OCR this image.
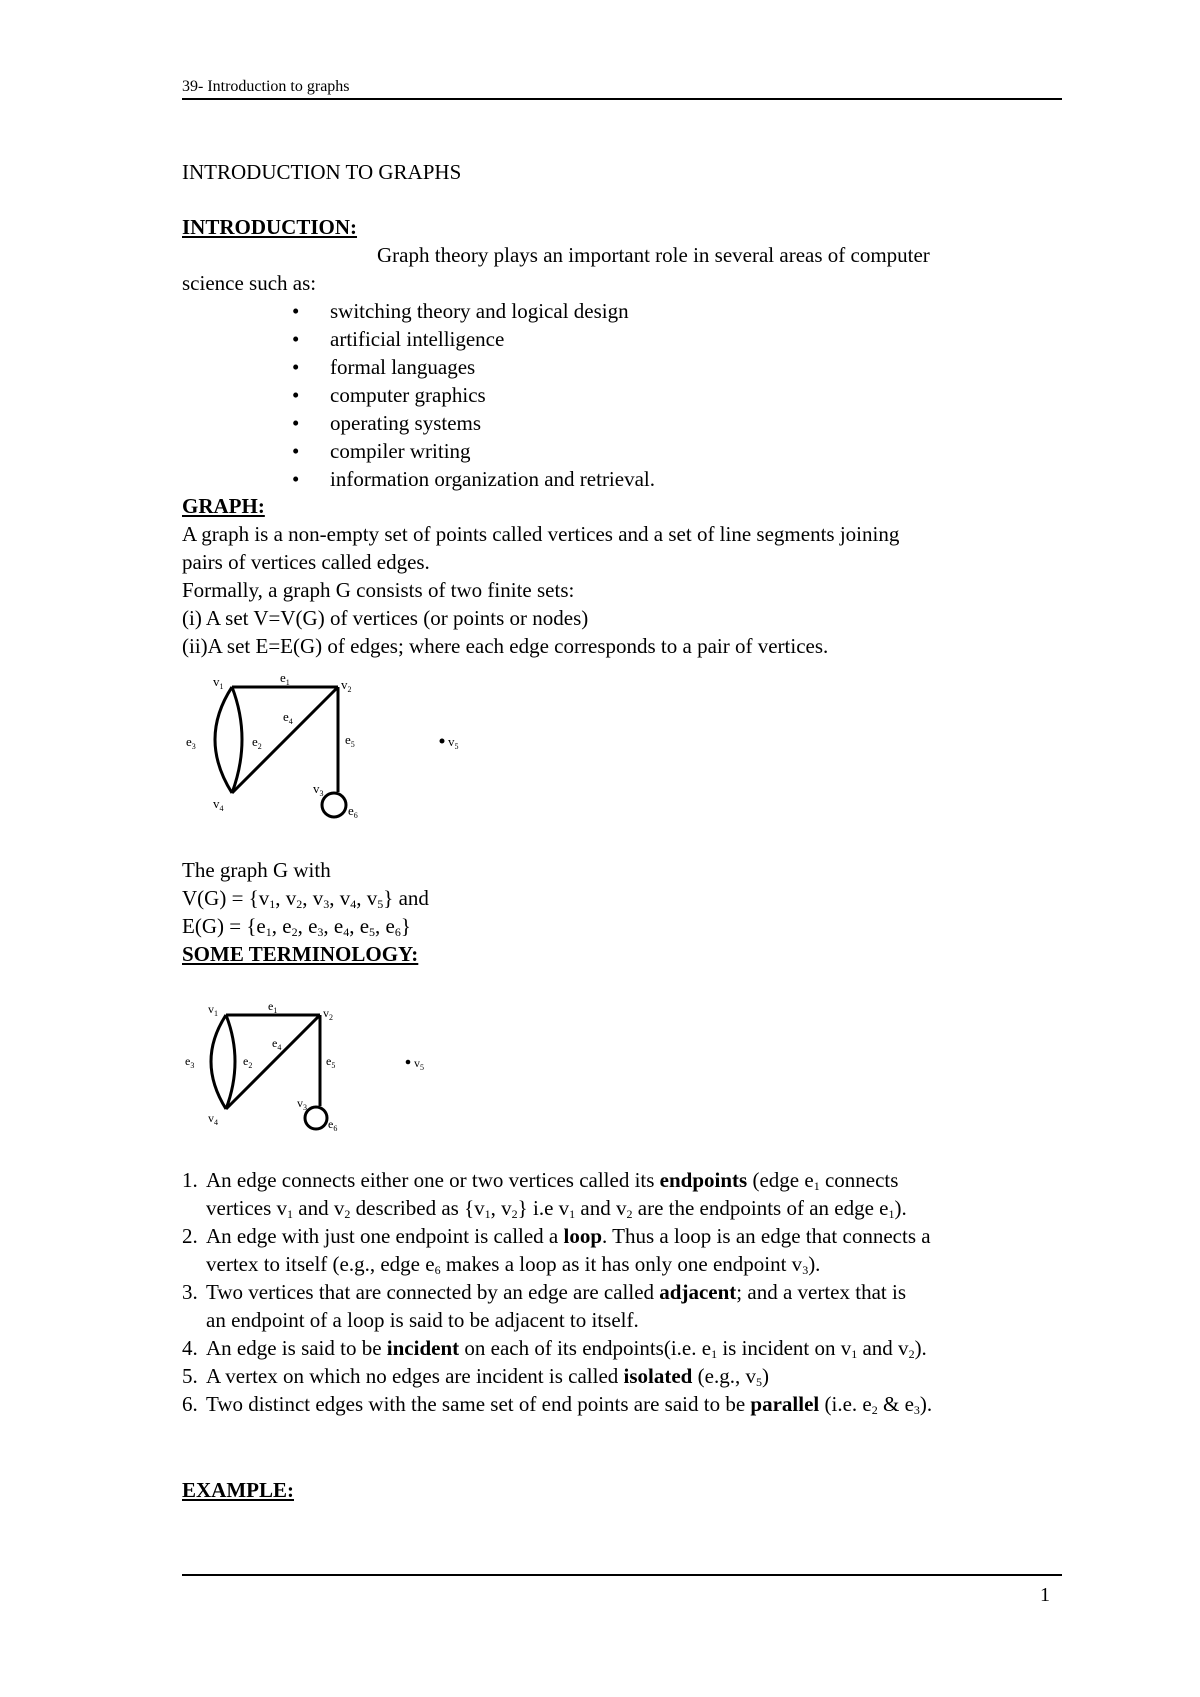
39- Introduction to graphs
INTRODUCTION TO GRAPHS
INTRODUCTION:
Graph theory plays an important role in several areas of computer
science such as:
• switching theory and logical design
• artificial intelligence
• formal languages
• computer graphics
• operating systems
• compiler writing
• information organization and retrieval.
GRAPH:
A graph is a non-empty set of points called vertices and a set of line segments joining
pairs of vertices called edges.
Formally, a graph G consists of two finite sets:
(i) A set V=V(G) of vertices (or points or nodes)
(ii)A set E=E(G) of edges; where each edge corresponds to a pair of vertices.
$v_1$	$v_2$
$v_3$
$v_4$
$v_5$
$e_1$
$e_2$
$e_3$
$e_4$
$e_5$
$e_6$
The graph G with
$V(G) = \{v_1$, $v_2$, $v_3$, $v_4$, $v_5$} and
$E(G) = \{e_1$, $e_2$, $e_3$, $e_4$, $e_5$, $e_6$}
SOME TERMINOLOGY:
$v_1$	$v_2$
$v_3$
$v_4$
$v_5$
$e_1$
$e_2$
$e_3$
$e_4$
$e_5$
$e_6$
1. An edge connects either one or two vertices called its endpoints (edge $e_1$ connects
vertices $v_1$ and $v_2$ described as {$v_1$, $v_2$} i.e $v_1$ and $v_2$ are the endpoints of an edge $e_1$).
2. An edge with just one endpoint is called a loop. Thus a loop is an edge that connects a
vertex to itself (e.g., edge $e_6$ makes a loop as it has only one endpoint $v_3$).
3. Two vertices that are connected by an edge are called adjacent; and a vertex that is
an endpoint of a loop is said to be adjacent to itself.
4. An edge is said to be incident on each of its endpoints(i.e. $e_1$ is incident on $v_1$ and $v_2$).
5. A vertex on which no edges are incident is called isolated (e.g., $v_5$)
6. Two distinct edges with the same set of end points are said to be parallel (i.e. $e_2$ & $e_3$).
EXAMPLE:
1
